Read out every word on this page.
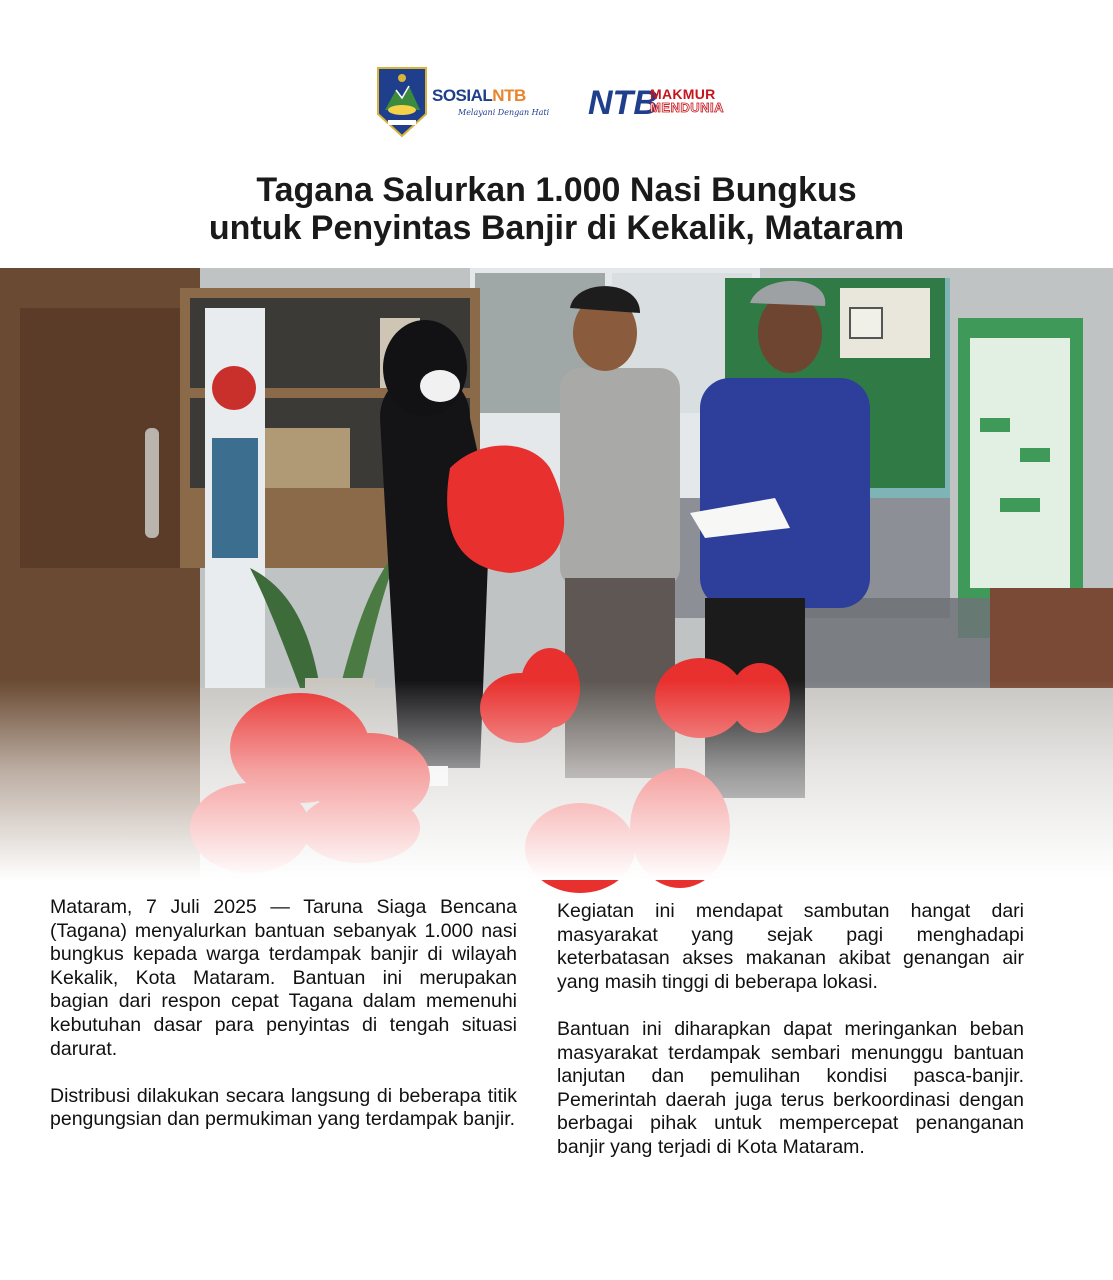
SOSIALNTB
Melayani Dengan Hati NTB
MAKMUR
MENDUNIA
Tagana Salurkan 1.000 Nasi Bungkus
untuk Penyintas Banjir di Kekalik, Mataram

Mataram, 7 Juli 2025 — Taruna Siaga Bencana (Tagana) menyalurkan bantuan sebanyak 1.000 nasi bungkus kepada warga terdampak banjir di wilayah Kekalik, Kota Mataram. Bantuan ini merupakan bagian dari respon cepat Tagana dalam memenuhi kebutuhan dasar para penyintas di tengah situasi darurat.

Distribusi dilakukan secara langsung di beberapa titik pengungsian dan permukiman yang terdampak banjir.

Kegiatan ini mendapat sambutan hangat dari masyarakat yang sejak pagi menghadapi keterbatasan akses makanan akibat genangan air yang masih tinggi di beberapa lokasi.

Bantuan ini diharapkan dapat meringankan beban masyarakat terdampak sembari menunggu bantuan lanjutan dan pemulihan kondisi pasca-banjir. Pemerintah daerah juga terus berkoordinasi dengan berbagai pihak untuk mempercepat penanganan banjir yang terjadi di Kota Mataram.
